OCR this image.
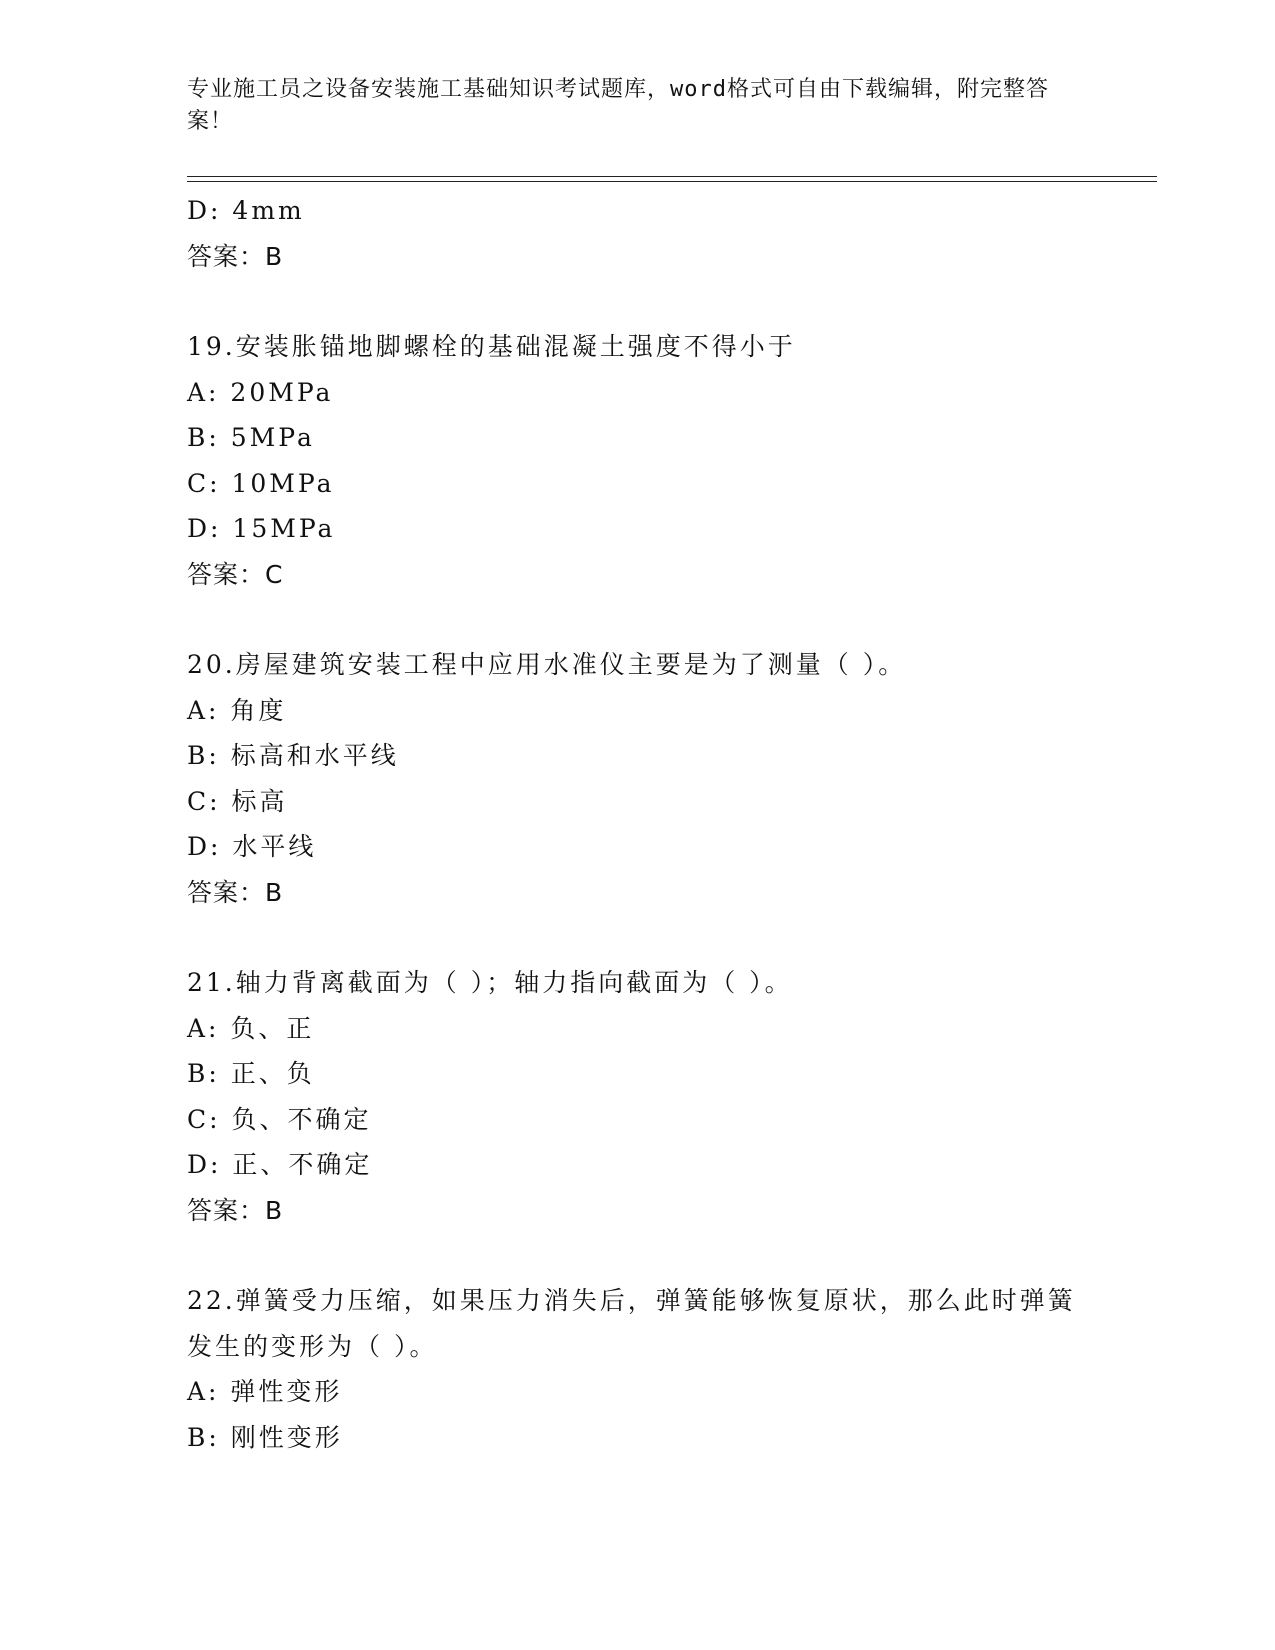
专业施工员之设备安装施工基础知识考试题库，word格式可自由下载编辑，附完整答案！
D: 4mm
答案：B
19.安装胀锚地脚螺栓的基础混凝土强度不得小于
A: 20MPa
B: 5MPa
C: 10MPa
D: 15MPa
答案：C
20.房屋建筑安装工程中应用水准仪主要是为了测量（ ）。
A: 角度
B: 标高和水平线
C: 标高
D: 水平线
答案：B
21.轴力背离截面为（ ）；轴力指向截面为（ ）。
A: 负、正
B: 正、负
C: 负、不确定
D: 正、不确定
答案：B
22.弹簧受力压缩，如果压力消失后，弹簧能够恢复原状，那么此时弹簧发生的变形为（ ）。
A: 弹性变形
B: 刚性变形
